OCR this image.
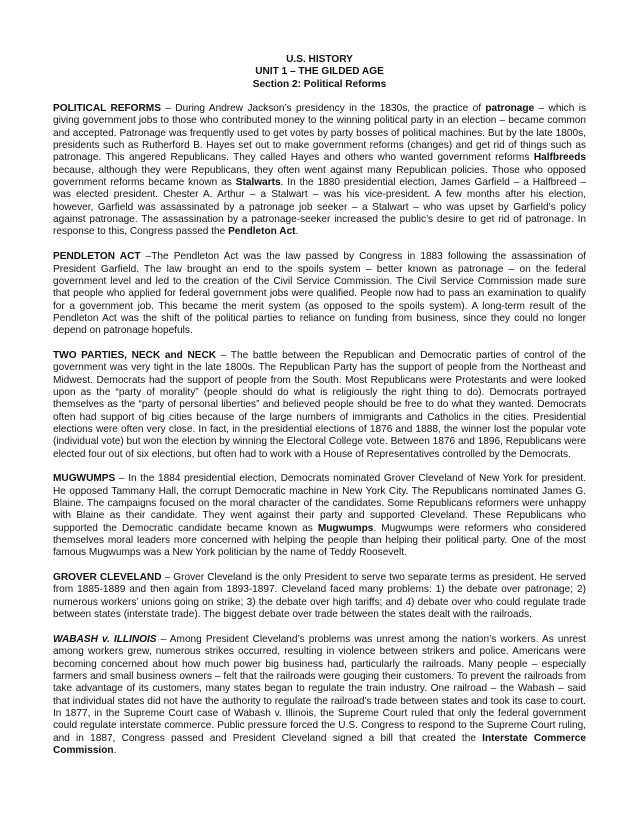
U.S. HISTORY
UNIT 1 – THE GILDED AGE
Section 2: Political Reforms

POLITICAL REFORMS – During Andrew Jackson’s presidency in the 1830s, the practice of patronage – which is giving government jobs to those who contributed money to the winning political party in an election – became common and accepted. Patronage was frequently used to get votes by party bosses of political machines. But by the late 1800s, presidents such as Rutherford B. Hayes set out to make government reforms (changes) and get rid of things such as patronage. This angered Republicans. They called Hayes and others who wanted government reforms Halfbreeds because, although they were Republicans, they often went against many Republican policies. Those who opposed government reforms became known as Stalwarts. In the 1880 presidential election, James Garfield – a Halfbreed – was elected president. Chester A. Arthur – a Stalwart – was his vice-president. A few months after his election, however, Garfield was assassinated by a patronage job seeker – a Stalwart – who was upset by Garfield’s policy against patronage. The assassination by a patronage-seeker increased the public’s desire to get rid of patronage. In response to this, Congress passed the Pendleton Act.

PENDLETON ACT –The Pendleton Act was the law passed by Congress in 1883 following the assassination of President Garfield. The law brought an end to the spoils system – better known as patronage – on the federal government level and led to the creation of the Civil Service Commission. The Civil Service Commission made sure that people who applied for federal government jobs were qualified. People now had to pass an examination to qualify for a government job. This became the merit system (as opposed to the spoils system). A long-term result of the Pendleton Act was the shift of the political parties to reliance on funding from business, since they could no longer depend on patronage hopefuls.

TWO PARTIES, NECK and NECK – The battle between the Republican and Democratic parties of control of the government was very tight in the late 1800s. The Republican Party has the support of people from the Northeast and Midwest. Democrats had the support of people from the South. Most Republicans were Protestants and were looked upon as the “party of morality” (people should do what is religiously the right thing to do). Democrats portrayed themselves as the “party of personal liberties” and believed people should be free to do what they wanted. Democrats often had support of big cities because of the large numbers of immigrants and Catholics in the cities. Presidential elections were often very close. In fact, in the presidential elections of 1876 and 1888, the winner lost the popular vote (individual vote) but won the election by winning the Electoral College vote. Between 1876 and 1896, Republicans were elected four out of six elections, but often had to work with a House of Representatives controlled by the Democrats.

MUGWUMPS – In the 1884 presidential election, Democrats nominated Grover Cleveland of New York for president. He opposed Tammany Hall, the corrupt Democratic machine in New York City. The Republicans nominated James G. Blaine. The campaigns focused on the moral character of the candidates. Some Republicans reformers were unhappy with Blaine as their candidate. They went against their party and supported Cleveland. These Republicans who supported the Democratic candidate became known as Mugwumps. Mugwumps were reformers who considered themselves moral leaders more concerned with helping the people than helping their political party. One of the most famous Mugwumps was a New York politician by the name of Teddy Roosevelt.

GROVER CLEVELAND – Grover Cleveland is the only President to serve two separate terms as president. He served from 1885-1889 and then again from 1893-1897. Cleveland faced many problems: 1) the debate over patronage; 2) numerous workers’ unions going on strike; 3) the debate over high tariffs; and 4) debate over who could regulate trade between states (interstate trade). The biggest debate over trade between the states dealt with the railroads.

WABASH v. ILLINOIS – Among President Cleveland’s problems was unrest among the nation’s workers. As unrest among workers grew, numerous strikes occurred, resulting in violence between strikers and police. Americans were becoming concerned about how much power big business had, particularly the railroads. Many people – especially farmers and small business owners – felt that the railroads were gouging their customers. To prevent the railroads from take advantage of its customers, many states began to regulate the train industry. One railroad – the Wabash – said that individual states did not have the authority to regulate the railroad’s trade between states and took its case to court. In 1877, in the Supreme Court case of Wabash v. Illinois, the Supreme Court ruled that only the federal government could regulate interstate commerce. Public pressure forced the U.S. Congress to respond to the Supreme Court ruling, and in 1887, Congress passed and President Cleveland signed a bill that created the Interstate Commerce Commission.
